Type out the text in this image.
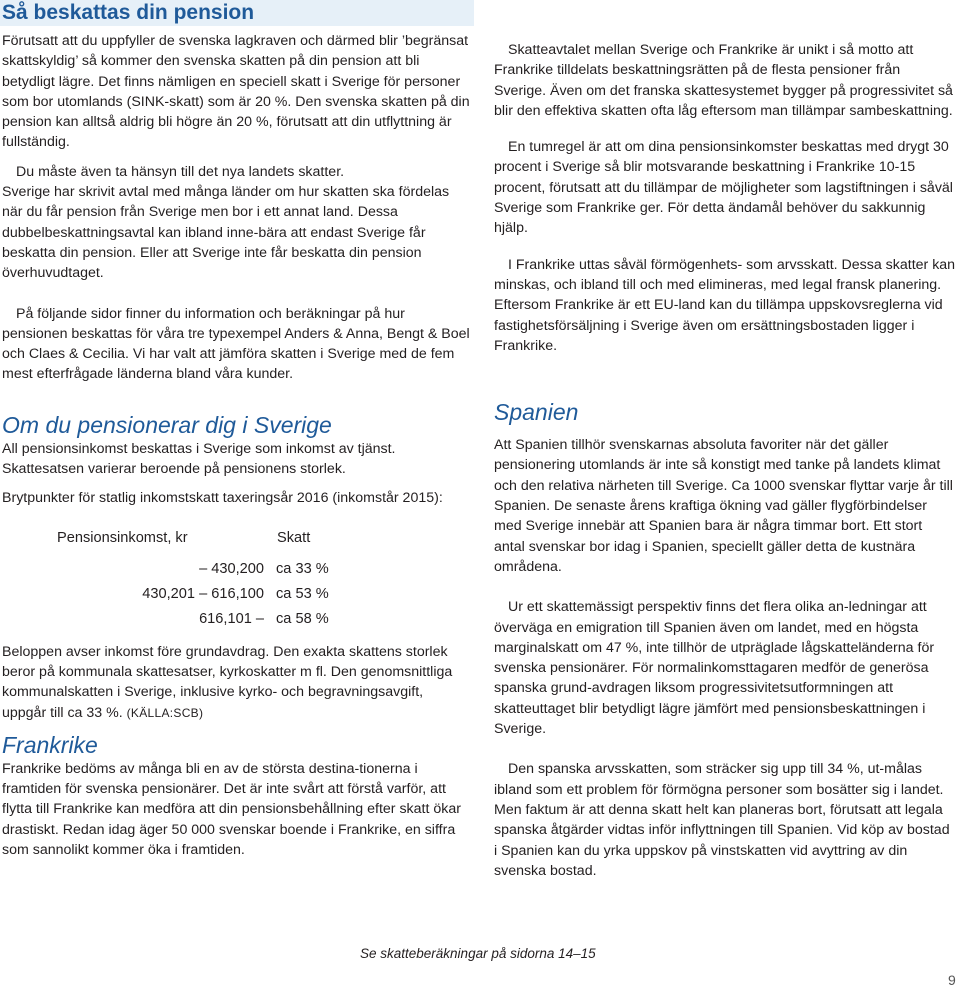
Så beskattas din pension

Förutsatt att du uppfyller de svenska lagkraven och därmed blir ’begränsat skattskyldig’ så kommer den svenska skatten på din pension att bli betydligt lägre. Det finns nämligen en speciell skatt i Sverige för personer som bor utomlands (SINK-skatt) som är 20 %. Den svenska skatten på din pension kan alltså aldrig bli högre än 20 %, förutsatt att din utflyttning är fullständig.

Du måste även ta hänsyn till det nya landets skatter.

Sverige har skrivit avtal med många länder om hur skatten ska fördelas när du får pension från Sverige men bor i ett annat land. Dessa dubbelbeskattningsavtal kan ibland inne-bära att endast Sverige får beskatta din pension. Eller att Sverige inte får beskatta din pension överhuvudtaget.

På följande sidor finner du information och beräkningar på hur pensionen beskattas för våra tre typexempel Anders & Anna, Bengt & Boel och Claes & Cecilia. Vi har valt att jämföra skatten i Sverige med de fem mest efterfrågade länderna bland våra kunder.

Om du pensionerar dig i Sverige

All pensionsinkomst beskattas i Sverige som inkomst av tjänst. Skattesatsen varierar beroende på pensionens storlek.

Brytpunkter för statlig inkomstskatt taxeringsår 2016 (inkomstår 2015):

Pensionsinkomst, kr	Skatt
– 430,200	ca 33 %
430,201 – 616,100	ca 53 %
616,101 –	ca 58 %

Beloppen avser inkomst före grundavdrag. Den exakta skattens storlek beror på kommunala skattesatser, kyrkoskatter m fl. Den genomsnittliga kommunalskatten i Sverige, inklusive kyrko- och begravningsavgift, uppgår till ca 33 %. (KÄLLA:SCB)

Frankrike

Frankrike bedöms av många bli en av de största destina-tionerna i framtiden för svenska pensionärer. Det är inte svårt att förstå varför, att flytta till Frankrike kan medföra att din pensionsbehållning efter skatt ökar drastiskt. Redan idag äger 50 000 svenskar boende i Frankrike, en siffra som sannolikt kommer öka i framtiden.

Skatteavtalet mellan Sverige och Frankrike är unikt i så motto att Frankrike tilldelats beskattningsrätten på de flesta pensioner från Sverige. Även om det franska skattesystemet bygger på progressivitet så blir den effektiva skatten ofta låg eftersom man tillämpar sambeskattning.

En tumregel är att om dina pensionsinkomster beskattas med drygt 30 procent i Sverige så blir motsvarande beskattning i Frankrike 10-15 procent, förutsatt att du tillämpar de möjligheter som lagstiftningen i såväl Sverige som Frankrike ger. För detta ändamål behöver du sakkunnig hjälp.

I Frankrike uttas såväl förmögenhets- som arvsskatt. Dessa skatter kan minskas, och ibland till och med elimineras, med legal fransk planering. Eftersom Frankrike är ett EU-land kan du tillämpa uppskovsreglerna vid fastighetsförsäljning i Sverige även om ersättningsbostaden ligger i Frankrike.

Spanien

Att Spanien tillhör svenskarnas absoluta favoriter när det gäller pensionering utomlands är inte så konstigt med tanke på landets klimat och den relativa närheten till Sverige. Ca 1000 svenskar flyttar varje år till Spanien. De senaste årens kraftiga ökning vad gäller flygförbindelser med Sverige innebär att Spanien bara är några timmar bort. Ett stort antal svenskar bor idag i Spanien, speciellt gäller detta de kustnära områdena.

Ur ett skattemässigt perspektiv finns det flera olika an-ledningar att överväga en emigration till Spanien även om landet, med en högsta marginalskatt om 47 %, inte tillhör de utpräglade lågskatteländerna för svenska pensionärer. För normalinkomsttagaren medför de generösa spanska grund-avdragen liksom progressivitetsutformningen att skatteuttaget blir betydligt lägre jämfört med pensionsbeskattningen i Sverige.

Den spanska arvsskatten, som sträcker sig upp till 34 %, ut-målas ibland som ett problem för förmögna personer som bosätter sig i landet. Men faktum är att denna skatt helt kan planeras bort, förutsatt att legala spanska åtgärder vidtas inför inflyttningen till Spanien. Vid köp av bostad i Spanien kan du yrka uppskov på vinstskatten vid avyttring av din svenska bostad.

Se skatteberäkningar på sidorna 14–15
9
